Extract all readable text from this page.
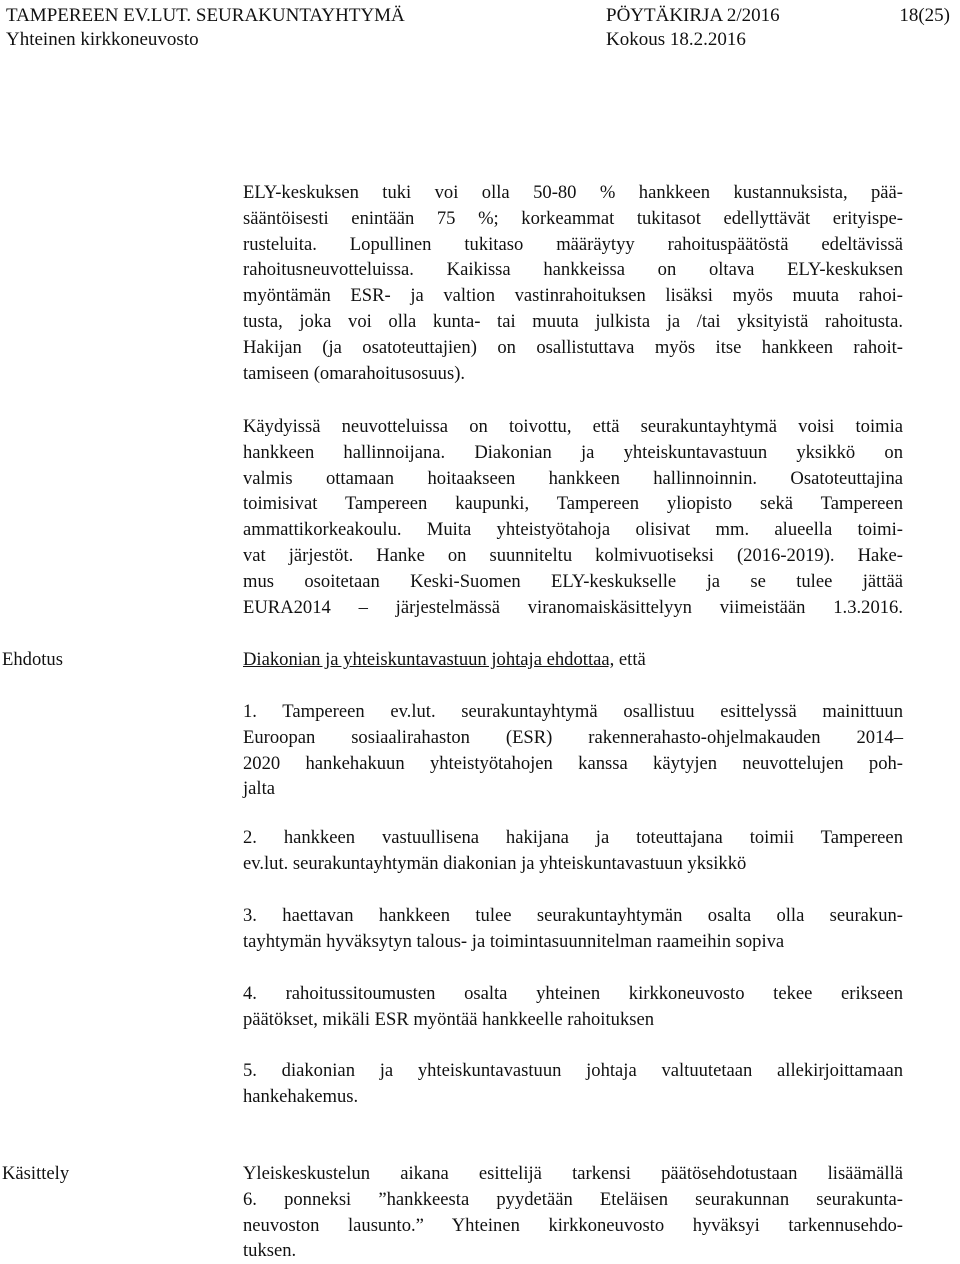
TAMPEREEN EV.LUT. SEURAKUNTAYHTYMÄ	PÖYTÄKIRJA 2/2016	18(25)
Yhteinen kirkkoneuvosto	Kokous 18.2.2016
ELY-keskuksen tuki voi olla 50-80 % hankkeen kustannuksista, pää-
sääntöisesti enintään 75 %; korkeammat tukitasot edellyttävät erityispe-
rusteluita. Lopullinen tukitaso määräytyy rahoituspäätöstä edeltävissä
rahoitusneuvotteluissa. Kaikissa hankkeissa on oltava ELY-keskuksen
myöntämän ESR- ja valtion vastinrahoituksen lisäksi myös muuta rahoi-
tusta, joka voi olla kunta- tai muuta julkista ja /tai yksityistä rahoitusta.
Hakijan (ja osatoteuttajien) on osallistuttava myös itse hankkeen rahoit-
tamiseen (omarahoitusosuus).
Käydyissä neuvotteluissa on toivottu, että seurakuntayhtymä voisi toimia
hankkeen hallinnoijana. Diakonian ja yhteiskuntavastuun yksikkö on
valmis ottamaan hoitaakseen hankkeen hallinnoinnin. Osatoteuttajina
toimisivat Tampereen kaupunki, Tampereen yliopisto sekä Tampereen
ammattikorkeakoulu. Muita yhteistyötahoja olisivat mm. alueella toimi-
vat järjestöt. Hanke on suunniteltu kolmivuotiseksi (2016-2019). Hake-
mus osoitetaan Keski-Suomen ELY-keskukselle ja se tulee jättää
EURA2014 – järjestelmässä viranomaiskäsittelyyn viimeistään 1.3.2016.
Ehdotus	Diakonian ja yhteiskuntavastuun johtaja ehdottaa, että
1. Tampereen ev.lut. seurakuntayhtymä osallistuu esittelyssä mainittuun
Euroopan sosiaalirahaston (ESR) rakennerahasto-ohjelmakauden 2014–
2020 hankehakuun yhteistyötahojen kanssa käytyjen neuvottelujen poh-
jalta
2. hankkeen vastuullisena hakijana ja toteuttajana toimii Tampereen
ev.lut. seurakuntayhtymän diakonian ja yhteiskuntavastuun yksikkö
3. haettavan hankkeen tulee seurakuntayhtymän osalta olla seurakun-
tayhtymän hyväksytyn talous- ja toimintasuunnitelman raameihin sopiva
4. rahoitussitoumusten osalta yhteinen kirkkoneuvosto tekee erikseen
päätökset, mikäli ESR myöntää hankkeelle rahoituksen
5. diakonian ja yhteiskuntavastuun johtaja valtuutetaan allekirjoittamaan
hankehakemus.
Käsittely	Yleiskeskustelun aikana esittelijä tarkensi päätösehdotustaan lisäämällä
6. ponneksi ”hankkeesta pyydetään Eteläisen seurakunnan seurakunta-
neuvoston lausunto.” Yhteinen kirkkoneuvosto hyväksyi tarkennusehdo-
tuksen.
